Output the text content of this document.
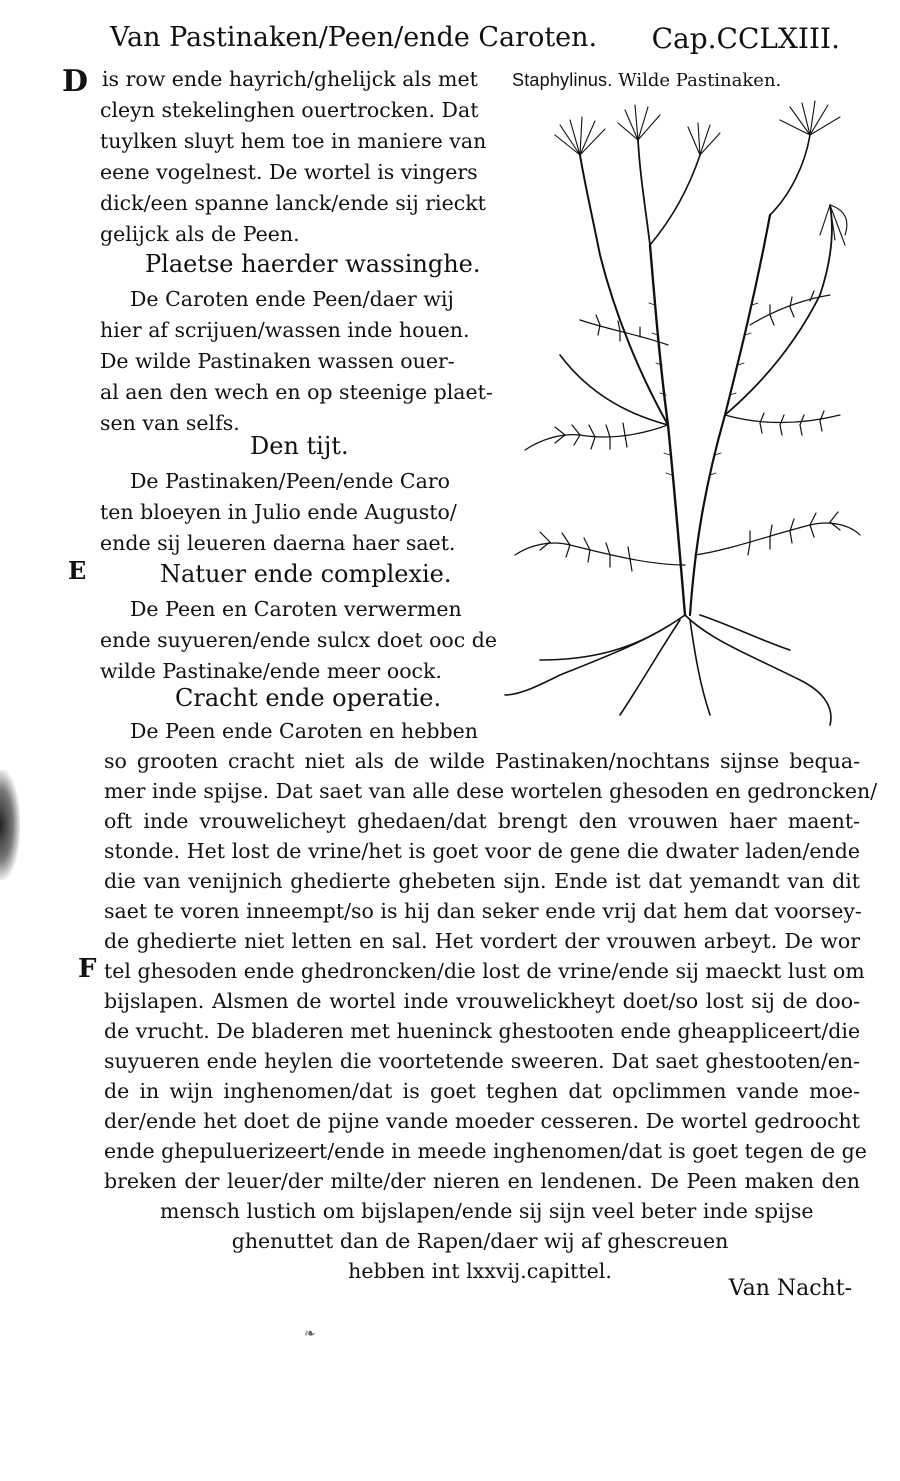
Van Pastinaken/Peen/ende Caroten. Cap.CCLXIII.
Staphylinus. Wilde Pastinaken.
D is row ende hayrich/ghelijck als met
cleyn stekelinghen ouertrocken. Dat
tuylken sluyt hem toe in maniere van
eene vogelnest. De wortel is vingers
dick/een spanne lanck/ende sij rieckt
gelijck als de Peen.
Plaetse haerder wassinghe.
De Caroten ende Peen/daer wij
hier af scrijuen/wassen inde houen.
De wilde Pastinaken wassen ouer-
al aen den wech en op steenige plaet-
sen van selfs.
Den tijt.
De Pastinaken/Peen/ende Caro
ten bloeyen in Julio ende Augusto/
ende sij leueren daerna haer saet.
E	Natuer ende complexie.
De Peen en Caroten verwermen
ende suyueren/ende sulcx doet ooc de
wilde Pastinake/ende meer oock.
Cracht ende operatie.
De Peen ende Caroten en hebben
so grooten cracht niet als de wilde Pastinaken/nochtans sijnse bequa-
mer inde spijse. Dat saet van alle dese wortelen ghesoden en gedroncken/
oft inde vrouwelicheyt ghedaen/dat brengt den vrouwen haer maent-
stonde. Het lost de vrine/het is goet voor de gene die dwater laden/ende
die van venijnich ghedierte ghebeten sijn. Ende ist dat yemandt van dit
saet te voren inneempt/so is hij dan seker ende vrij dat hem dat voorsey-
de ghedierte niet letten en sal. Het vordert der vrouwen arbeyt. De wor
F tel ghesoden ende ghedroncken/die lost de vrine/ende sij maeckt lust om
bijslapen. Alsmen de wortel inde vrouwelickheyt doet/so lost sij de doo-
de vrucht. De bladeren met hueninck ghestooten ende gheappliceert/die
suyueren ende heylen die voortetende sweeren. Dat saet ghestooten/en-
de in wijn inghenomen/dat is goet teghen dat opclimmen vande moe-
der/ende het doet de pijne vande moeder cesseren. De wortel gedroocht
ende ghepuluerizeert/ende in meede inghenomen/dat is goet tegen de ge
breken der leuer/der milte/der nieren en lendenen. De Peen maken den
mensch lustich om bijslapen/ende sij sijn veel beter inde spijse
ghenuttet dan de Rapen/daer wij af ghescreuen
hebben int lxxvij.capittel.
Van Nacht-
❧
